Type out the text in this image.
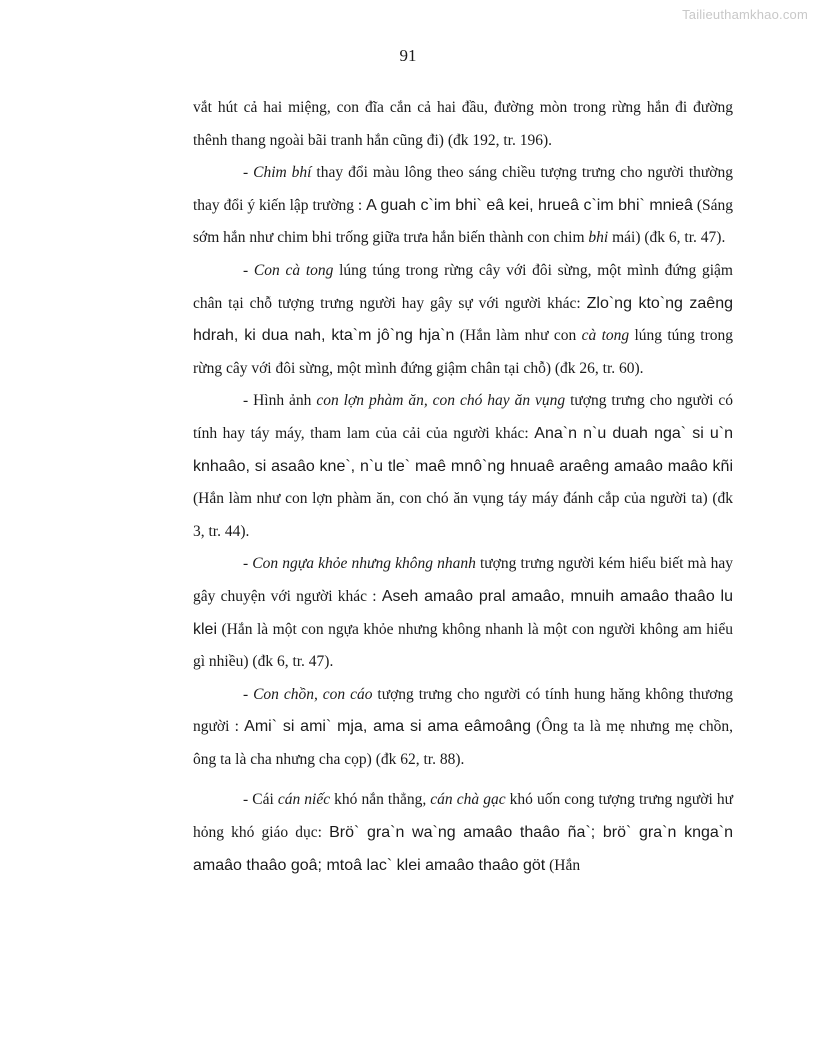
Tailieuthamkhao.com
91

vắt hút cả hai miệng, con đĩa cắn cả hai đầu, đường mòn trong rừng hắn đi đường thênh thang ngoài bãi tranh hắn cũng đi) (đk 192, tr. 196).

- Chim bhí thay đổi màu lông theo sáng chiều tượng trưng cho người thường thay đổi ý kiến lập trường : A guah c`im bhi` eâ kei, hrueâ c`im bhi` mnieâ (Sáng sớm hắn như chim bhi trống giữa trưa hắn biến thành con chim bhi mái) (đk 6, tr. 47).

- Con cà tong lúng túng trong rừng cây với đôi sừng, một mình đứng giậm chân tại chỗ tượng trưng người hay gây sự với người khác: Zlo`ng kto`ng zaêng hdrah, ki dua nah, kta`m jô`ng hja`n (Hắn làm như con cà tong lúng túng trong rừng cây với đôi sừng, một mình đứng giậm chân tại chỗ) (đk 26, tr. 60).

- Hình ảnh con lợn phàm ăn, con chó hay ăn vụng tượng trưng cho người có tính hay táy máy, tham lam của cải của người khác: Ana`n n`u duah nga` si u`n knhaâo, si asaâo kne`, n`u tle` maê mnô`ng hnuaê araêng amaâo maâo kñi (Hắn làm như con lợn phàm ăn, con chó ăn vụng táy máy đánh cắp của người ta) (đk 3, tr. 44).

- Con ngựa khỏe nhưng không nhanh tượng trưng người kém hiểu biết mà hay gây chuyện với người khác : Aseh amaâo pral amaâo, mnuih amaâo thaâo lu klei (Hắn là một con ngựa khỏe nhưng không nhanh là một con người không am hiểu gì nhiều) (đk 6, tr. 47).

- Con chồn, con cáo tượng trưng cho người có tính hung hăng không thương người : Ami` si ami` mja, ama si ama eâmoâng (Ông ta là mẹ nhưng mẹ chồn, ông ta là cha nhưng cha cọp) (đk 62, tr. 88).

- Cái cán niếc khó nắn thẳng, cán chà gạc khó uốn cong tượng trưng người hư hỏng khó giáo dục: Brö` gra`n wa`ng amaâo thaâo ña`; brö` gra`n knga`n amaâo thaâo goâ; mtoâ lac` klei amaâo thaâo göt (Hắn
